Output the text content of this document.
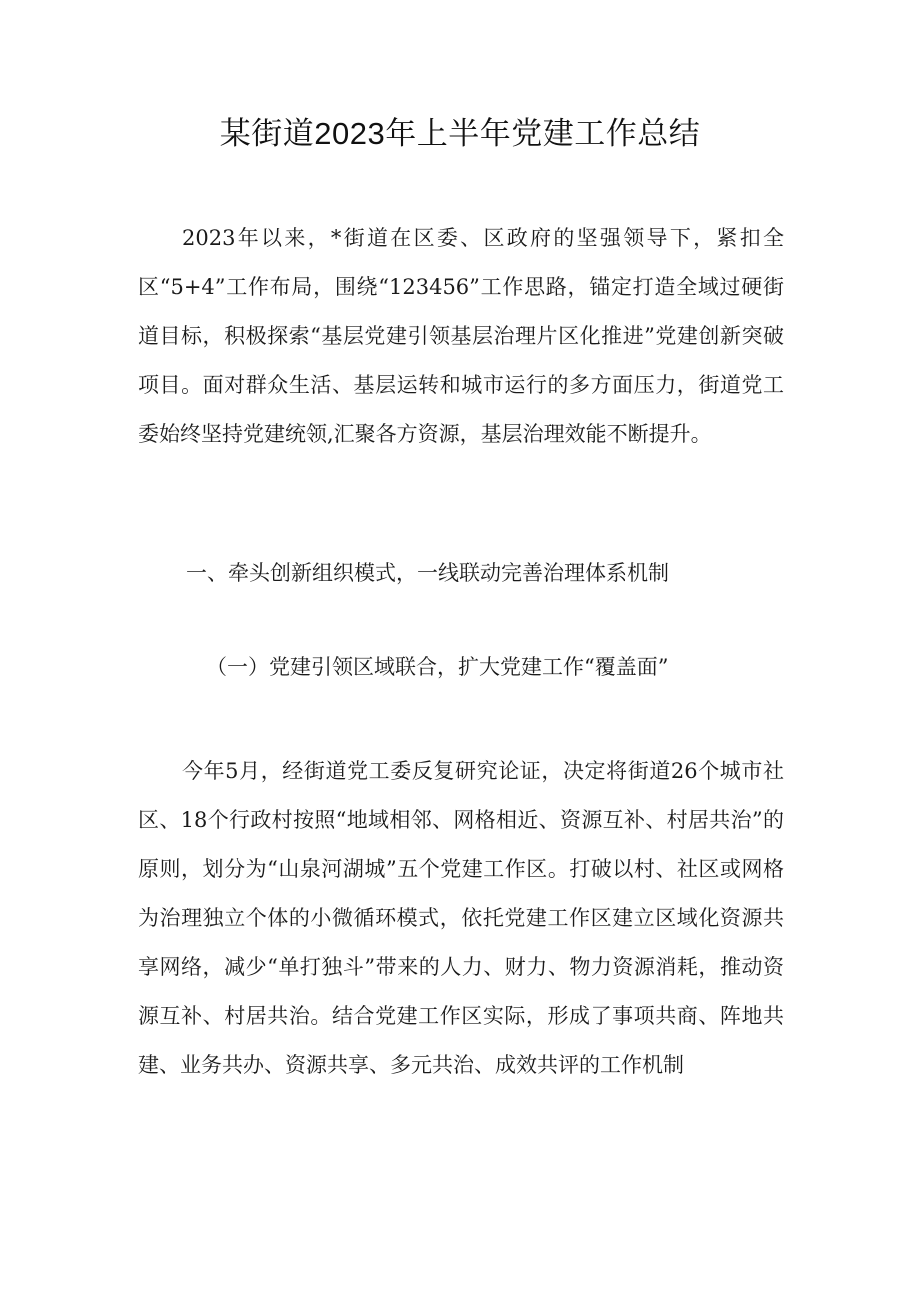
某街道2023年上半年党建工作总结

2023年以来，*街道在区委、区政府的坚强领导下，紧扣全区“5+4”工作布局，围绕“123456”工作思路，锚定打造全域过硬街道目标，积极探索“基层党建引领基层治理片区化推进”党建创新突破项目。面对群众生活、基层运转和城市运行的多方面压力，街道党工委始终坚持党建统领,汇聚各方资源，基层治理效能不断提升。

一、牵头创新组织模式，一线联动完善治理体系机制

（一）党建引领区域联合，扩大党建工作“覆盖面”

今年5月，经街道党工委反复研究论证，决定将街道26个城市社区、18个行政村按照“地域相邻、网格相近、资源互补、村居共治”的原则，划分为“山泉河湖城”五个党建工作区。打破以村、社区或网格为治理独立个体的小微循环模式，依托党建工作区建立区域化资源共享网络，减少“单打独斗”带来的人力、财力、物力资源消耗，推动资源互补、村居共治。结合党建工作区实际，形成了事项共商、阵地共建、业务共办、资源共享、多元共治、成效共评的工作机制
